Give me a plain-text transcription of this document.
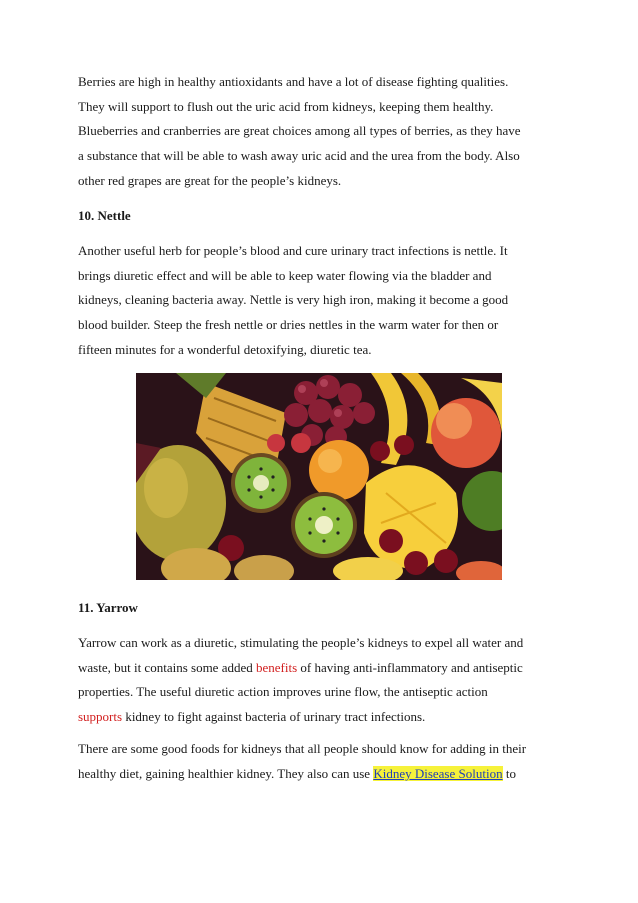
Berries are high in healthy antioxidants and have a lot of disease fighting qualities.
They will support to flush out the uric acid from kidneys, keeping them healthy.
Blueberries and cranberries are great choices among all types of berries, as they have
a substance that will be able to wash away uric acid and the urea from the body. Also
other red grapes are great for the people’s kidneys.

10. Nettle

Another useful herb for people’s blood and cure urinary tract infections is nettle. It
brings diuretic effect and will be able to keep water flowing via the bladder and
kidneys, cleaning bacteria away. Nettle is very high iron, making it become a good
blood builder. Steep the fresh nettle or dries nettles in the warm water for then or
fifteen minutes for a wonderful detoxifying, diuretic tea.

11. Yarrow

Yarrow can work as a diuretic, stimulating the people’s kidneys to expel all water and
waste, but it contains some added benefits of having anti-inflammatory and antiseptic
properties. The useful diuretic action improves urine flow, the antiseptic action
supports kidney to fight against bacteria of urinary tract infections.

There are some good foods for kidneys that all people should know for adding in their
healthy diet, gaining healthier kidney. They also can use Kidney Disease Solution to
